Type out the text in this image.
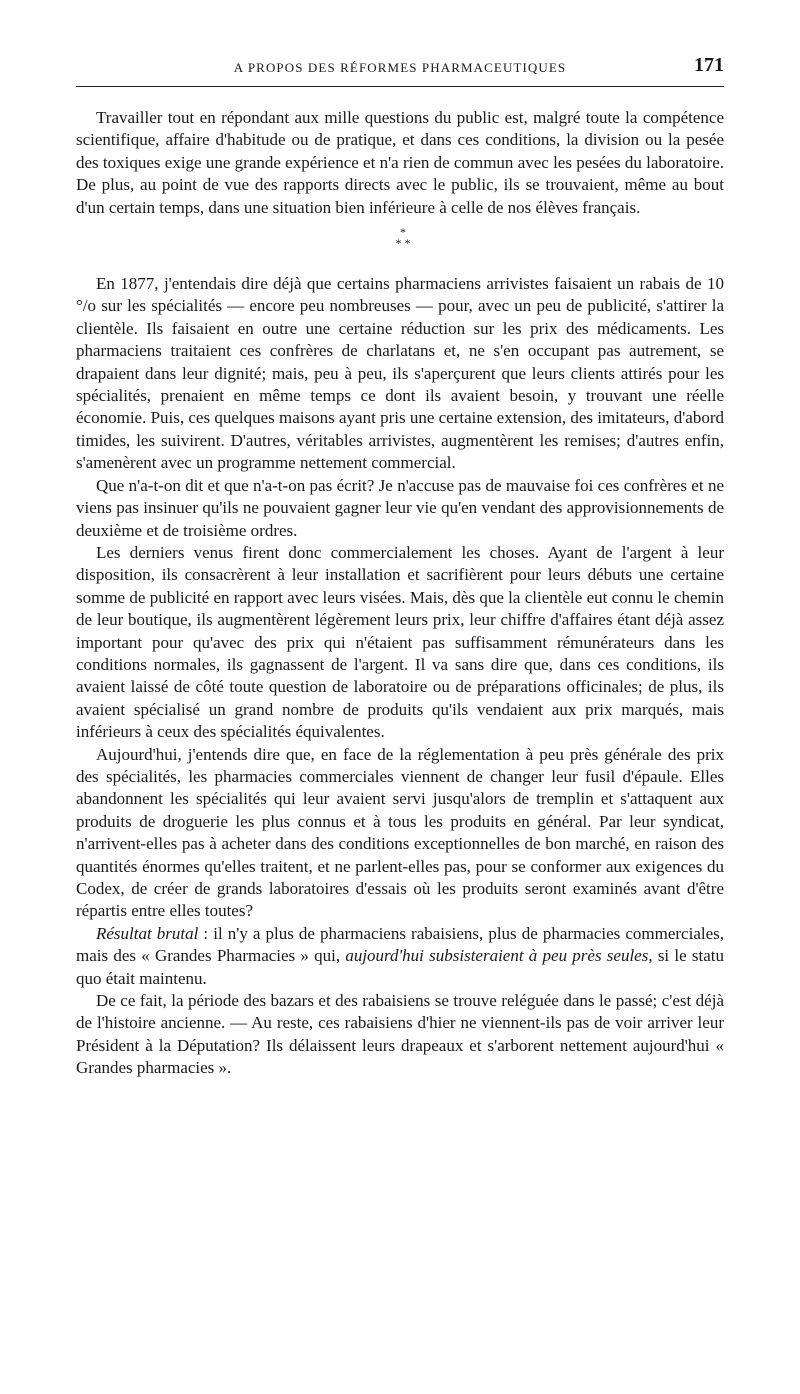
A PROPOS DES RÉFORMES PHARMACEUTIQUES	171

Travailler tout en répondant aux mille questions du public est, malgré toute la compétence scientifique, affaire d'habitude ou de pratique, et dans ces conditions, la division ou la pesée des toxiques exige une grande expérience et n'a rien de commun avec les pesées du laboratoire. De plus, au point de vue des rapports directs avec le public, ils se trouvaient, même au bout d'un certain temps, dans une situation bien inférieure à celle de nos élèves français.

*
* *

En 1877, j'entendais dire déjà que certains pharmaciens arrivistes faisaient un rabais de 10 °/o sur les spécialités — encore peu nombreuses — pour, avec un peu de publicité, s'attirer la clientèle. Ils faisaient en outre une certaine réduction sur les prix des médicaments. Les pharmaciens traitaient ces confrères de charlatans et, ne s'en occupant pas autrement, se drapaient dans leur dignité; mais, peu à peu, ils s'aperçurent que leurs clients attirés pour les spécialités, prenaient en même temps ce dont ils avaient besoin, y trouvant une réelle économie. Puis, ces quelques maisons ayant pris une certaine extension, des imitateurs, d'abord timides, les suivirent. D'autres, véritables arrivistes, augmentèrent les remises; d'autres enfin, s'amenèrent avec un programme nettement commercial.

Que n'a-t-on dit et que n'a-t-on pas écrit? Je n'accuse pas de mauvaise foi ces confrères et ne viens pas insinuer qu'ils ne pouvaient gagner leur vie qu'en vendant des approvisionnements de deuxième et de troisième ordres.

Les derniers venus firent donc commercialement les choses. Ayant de l'argent à leur disposition, ils consacrèrent à leur installation et sacrifièrent pour leurs débuts une certaine somme de publicité en rapport avec leurs visées. Mais, dès que la clientèle eut connu le chemin de leur boutique, ils augmentèrent légèrement leurs prix, leur chiffre d'affaires étant déjà assez important pour qu'avec des prix qui n'étaient pas suffisamment rémunérateurs dans les conditions normales, ils gagnassent de l'argent. Il va sans dire que, dans ces conditions, ils avaient laissé de côté toute question de laboratoire ou de préparations officinales; de plus, ils avaient spécialisé un grand nombre de produits qu'ils vendaient aux prix marqués, mais inférieurs à ceux des spécialités équivalentes.

Aujourd'hui, j'entends dire que, en face de la réglementation à peu près générale des prix des spécialités, les pharmacies commerciales viennent de changer leur fusil d'épaule. Elles abandonnent les spécialités qui leur avaient servi jusqu'alors de tremplin et s'attaquent aux produits de droguerie les plus connus et à tous les produits en général. Par leur syndicat, n'arrivent-elles pas à acheter dans des conditions exceptionnelles de bon marché, en raison des quantités énormes qu'elles traitent, et ne parlent-elles pas, pour se conformer aux exigences du Codex, de créer de grands laboratoires d'essais où les produits seront examinés avant d'être répartis entre elles toutes?

Résultat brutal : il n'y a plus de pharmaciens rabaisiens, plus de pharmacies commerciales, mais des « Grandes Pharmacies » qui, aujourd'hui subsisteraient à peu près seules, si le statu quo était maintenu.

De ce fait, la période des bazars et des rabaisiens se trouve reléguée dans le passé; c'est déjà de l'histoire ancienne. — Au reste, ces rabaisiens d'hier ne viennent-ils pas de voir arriver leur Président à la Députation? Ils délaissent leurs drapeaux et s'arborent nettement aujourd'hui « Grandes pharmacies ».
